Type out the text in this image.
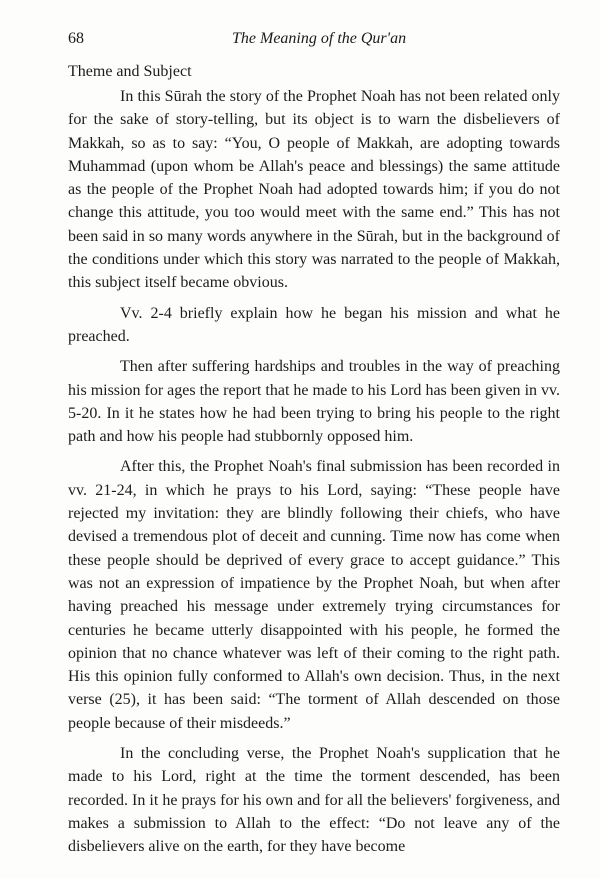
68	The Meaning of the Qur'an
Theme and Subject

In this Sūrah the story of the Prophet Noah has not been related only for the sake of story-telling, but its object is to warn the disbelievers of Makkah, so as to say: “You, O people of Makkah, are adopting towards Muhammad (upon whom be Allah's peace and blessings) the same attitude as the people of the Prophet Noah had adopted towards him; if you do not change this attitude, you too would meet with the same end.” This has not been said in so many words anywhere in the Sūrah, but in the background of the conditions under which this story was narrated to the people of Makkah, this subject itself became obvious.

Vv. 2-4 briefly explain how he began his mission and what he preached.

Then after suffering hardships and troubles in the way of preaching his mission for ages the report that he made to his Lord has been given in vv. 5-20. In it he states how he had been trying to bring his people to the right path and how his people had stubbornly opposed him.

After this, the Prophet Noah's final submission has been recorded in vv. 21-24, in which he prays to his Lord, saying: “These people have rejected my invitation: they are blindly following their chiefs, who have devised a tremendous plot of deceit and cunning. Time now has come when these people should be deprived of every grace to accept guidance.” This was not an expression of impatience by the Prophet Noah, but when after having preached his message under extremely trying circumstances for centuries he became utterly disappointed with his people, he formed the opinion that no chance whatever was left of their coming to the right path. His this opinion fully conformed to Allah's own decision. Thus, in the next verse (25), it has been said: “The torment of Allah descended on those people because of their misdeeds.”

In the concluding verse, the Prophet Noah's supplication that he made to his Lord, right at the time the torment descended, has been recorded. In it he prays for his own and for all the believers' forgiveness, and makes a submission to Allah to the effect: “Do not leave any of the disbelievers alive on the earth, for they have become
